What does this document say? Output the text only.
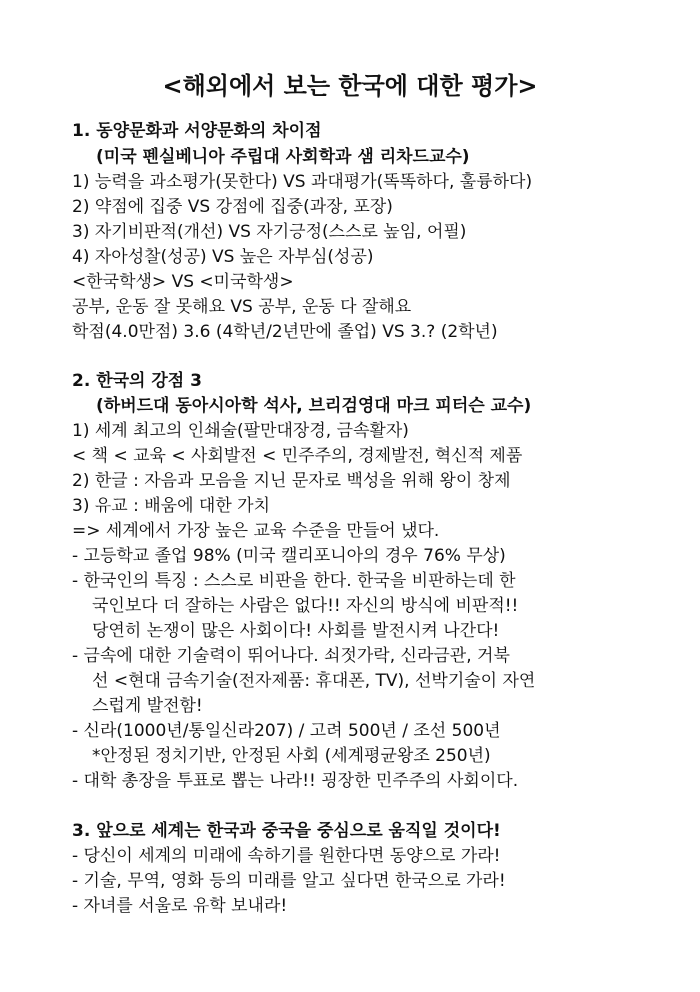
<해외에서 보는 한국에 대한 평가>
1. 동양문화과 서양문화의 차이점
(미국 펜실베니아 주립대 사회학과 샘 리차드교수)
1) 능력을 과소평가(못한다) VS 과대평가(똑똑하다, 훌륭하다)
2) 약점에 집중 VS 강점에 집중(과장, 포장)
3) 자기비판적(개선) VS 자기긍정(스스로 높임, 어필)
4) 자아성찰(성공) VS 높은 자부심(성공)
<한국학생> VS <미국학생>
공부, 운동 잘 못해요 VS 공부, 운동 다 잘해요
학점(4.0만점) 3.6 (4학년/2년만에 졸업) VS 3.? (2학년)
2. 한국의 강점 3
(하버드대 동아시아학 석사, 브리검영대 마크 피터슨 교수)
1) 세계 최고의 인쇄술(팔만대장경, 금속활자)
< 책 < 교육 < 사회발전 < 민주주의, 경제발전, 혁신적 제품
2) 한글 : 자음과 모음을 지닌 문자로 백성을 위해 왕이 창제
3) 유교 : 배움에 대한 가치
=> 세계에서 가장 높은 교육 수준을 만들어 냈다.
- 고등학교 졸업 98% (미국 캘리포니아의 경우 76% 무상)
- 한국인의 특징 : 스스로 비판을 한다. 한국을 비판하는데 한
국인보다 더 잘하는 사람은 없다!! 자신의 방식에 비판적!!
당연히 논쟁이 많은 사회이다! 사회를 발전시켜 나간다!
- 금속에 대한 기술력이 뛰어나다. 쇠젓가락, 신라금관, 거북
선 <현대 금속기술(전자제품: 휴대폰, TV), 선박기술이 자연
스럽게 발전함!
- 신라(1000년/통일신라207) / 고려 500년 / 조선 500년
*안정된 정치기반, 안정된 사회 (세계평균왕조 250년)
- 대학 총장을 투표로 뽑는 나라!! 굉장한 민주주의 사회이다.
3. 앞으로 세계는 한국과 중국을 중심으로 움직일 것이다!
- 당신이 세계의 미래에 속하기를 원한다면 동양으로 가라!
- 기술, 무역, 영화 등의 미래를 알고 싶다면 한국으로 가라!
- 자녀를 서울로 유학 보내라!
